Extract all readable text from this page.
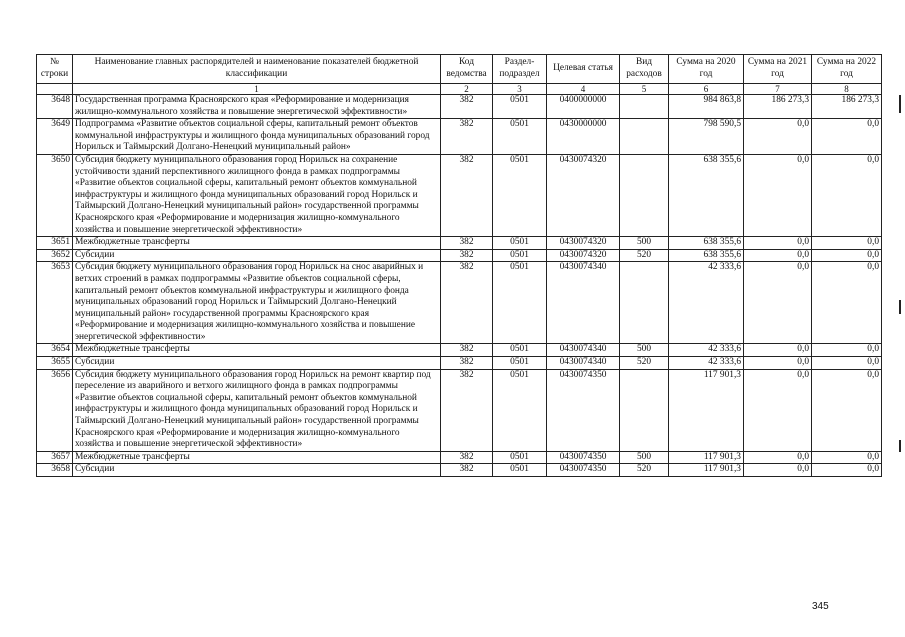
№ строки	Наименование главных распорядителей и наименование показателей бюджетной классификации	Код ведомства	Раздел-подраздел	Целевая статья	Вид расходов	Сумма на 2020 год	Сумма на 2021 год	Сумма на 2022 год
	1	2	3	4	5	6	7	8
3648	Государственная программа Красноярского края «Реформирование и модернизация жилищно-коммунального хозяйства и повышение энергетической эффективности»	382	0501	0400000000		984 863,8	186 273,3	186 273,3
3649	Подпрограмма «Развитие объектов социальной сферы, капитальный ремонт объектов коммунальной инфраструктуры и жилищного фонда муниципальных образований город Норильск и Таймырский Долгано-Ненецкий муниципальный район»	382	0501	0430000000		798 590,5	0,0	0,0
3650	Субсидия бюджету муниципального образования город Норильск на сохранение устойчивости зданий перспективного жилищного фонда в рамках подпрограммы «Развитие объектов социальной сферы, капитальный ремонт объектов коммунальной инфраструктуры и жилищного фонда муниципальных образований город Норильск и Таймырский Долгано-Ненецкий муниципальный район» государственной программы Красноярского края «Реформирование и модернизация жилищно-коммунального хозяйства и повышение энергетической эффективности»	382	0501	0430074320		638 355,6	0,0	0,0
3651	Межбюджетные трансферты	382	0501	0430074320	500	638 355,6	0,0	0,0
3652	Субсидии	382	0501	0430074320	520	638 355,6	0,0	0,0
3653	Субсидия бюджету муниципального образования город Норильск на снос аварийных и ветхих строений в рамках подпрограммы «Развитие объектов социальной сферы, капитальный ремонт объектов коммунальной инфраструктуры и жилищного фонда муниципальных образований город Норильск и Таймырский Долгано-Ненецкий муниципальный район» государственной программы Красноярского края «Реформирование и модернизация жилищно-коммунального хозяйства и повышение энергетической эффективности»	382	0501	0430074340		42 333,6	0,0	0,0
3654	Межбюджетные трансферты	382	0501	0430074340	500	42 333,6	0,0	0,0
3655	Субсидии	382	0501	0430074340	520	42 333,6	0,0	0,0
3656	Субсидия бюджету муниципального образования город Норильск на ремонт квартир под переселение из аварийного и ветхого жилищного фонда в рамках подпрограммы «Развитие объектов социальной сферы, капитальный ремонт объектов коммунальной инфраструктуры и жилищного фонда муниципальных образований город Норильск и Таймырский Долгано-Ненецкий муниципальный район» государственной программы Красноярского края «Реформирование и модернизация жилищно-коммунального хозяйства и повышение энергетической эффективности»	382	0501	0430074350		117 901,3	0,0	0,0
3657	Межбюджетные трансферты	382	0501	0430074350	500	117 901,3	0,0	0,0
3658	Субсидии	382	0501	0430074350	520	117 901,3	0,0	0,0
345
